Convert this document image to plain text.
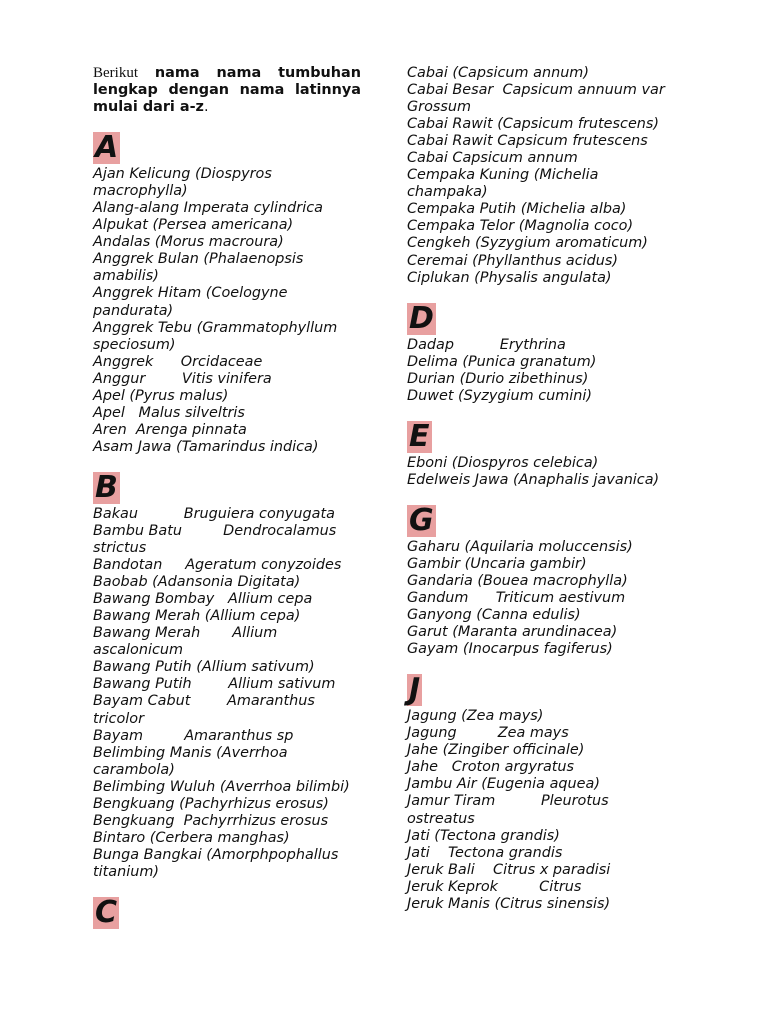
Berikut nama nama tumbuhan lengkap dengan nama latinnya mulai dari a-z.

A
Ajan Kelicung (Diospyros macrophylla)
Alang-alang Imperata cylindrica
Alpukat (Persea americana)
Andalas (Morus macroura)
Anggrek Bulan (Phalaenopsis amabilis)
Anggrek Hitam (Coelogyne pandurata)
Anggrek Tebu (Grammatophyllum speciosum)
Anggrek      Orcidaceae
Anggur        Vitis vinifera
Apel (Pyrus malus)
Apel   Malus silveltris
Aren  Arenga pinnata
Asam Jawa (Tamarindus indica)
B
Bakau          Bruguiera conyugata
Bambu Batu         Dendrocalamus strictus
Bandotan     Ageratum conyzoides
Baobab (Adansonia Digitata)
Bawang Bombay   Allium cepa
Bawang Merah (Allium cepa)
Bawang Merah       Allium ascalonicum
Bawang Putih (Allium sativum)
Bawang Putih        Allium sativum
Bayam Cabut        Amaranthus tricolor
Bayam         Amaranthus sp
Belimbing Manis (Averrhoa carambola)
Belimbing Wuluh (Averrhoa bilimbi)
Bengkuang (Pachyrhizus erosus)
Bengkuang  Pachyrrhizus erosus
Bintaro (Cerbera manghas)
Bunga Bangkai (Amorphpophallus titanium)
C
Cabai (Capsicum annum)
Cabai Besar  Capsicum annuum var Grossum
Cabai Rawit (Capsicum frutescens)
Cabai Rawit Capsicum frutescens
Cabai Capsicum annum
Cempaka Kuning (Michelia champaka)
Cempaka Putih (Michelia alba)
Cempaka Telor (Magnolia coco)
Cengkeh (Syzygium aromaticum)
Ceremai (Phyllanthus acidus)
Ciplukan (Physalis angulata)
D
Dadap          Erythrina
Delima (Punica granatum)
Durian (Durio zibethinus)
Duwet (Syzygium cumini)
E
Eboni (Diospyros celebica)
Edelweis Jawa (Anaphalis javanica)
G
Gaharu (Aquilaria moluccensis)
Gambir (Uncaria gambir)
Gandaria (Bouea macrophylla)
Gandum      Triticum aestivum
Ganyong (Canna edulis)
Garut (Maranta arundinacea)
Gayam (Inocarpus fagiferus)
J
Jagung (Zea mays)
Jagung         Zea mays
Jahe (Zingiber officinale)
Jahe   Croton argyratus
Jambu Air (Eugenia aquea)
Jamur Tiram          Pleurotus ostreatus
Jati (Tectona grandis)
Jati    Tectona grandis
Jeruk Bali    Citrus x paradisi
Jeruk Keprok         Citrus
Jeruk Manis (Citrus sinensis)
